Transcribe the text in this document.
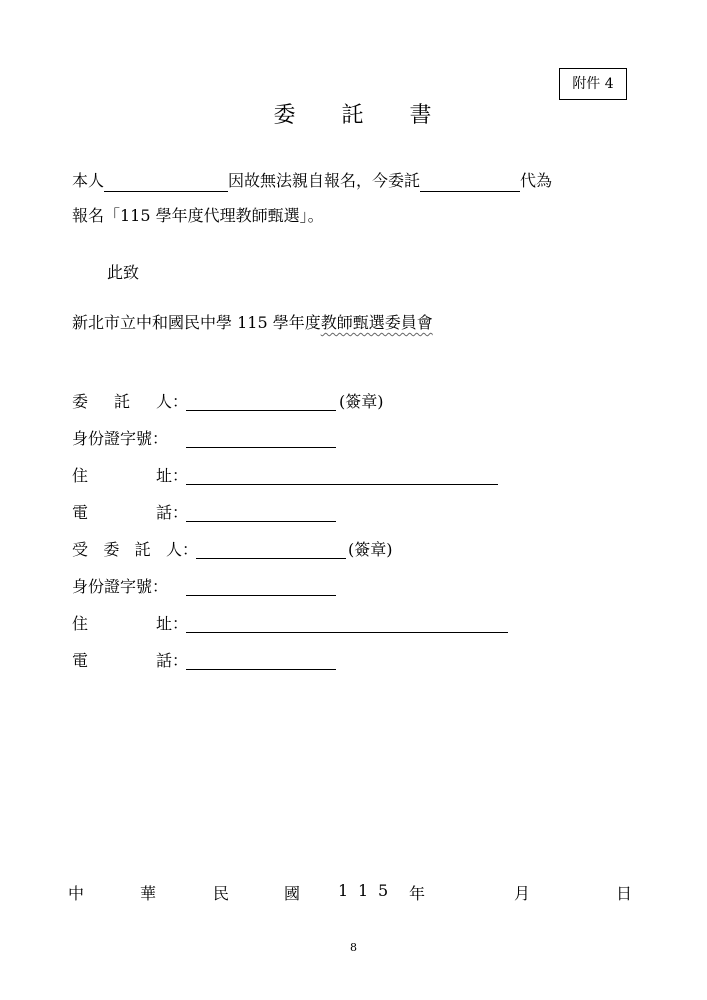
附件 4
委 託 書
本人	因故無法親自報名，今委託	代為
報名「115 學年度代理教師甄選」。
此致
新北市立中和國民中學 115 學年度教師甄選委員會
委 託 人 ：	(簽章)
身份證字號：
住	址 ：
電	話 ：
受 委 託 人 ：	(簽章)
身份證字號：
住	址 ：
電	話 ：
中	華	民	國 1 1 5 年	月	日
8
